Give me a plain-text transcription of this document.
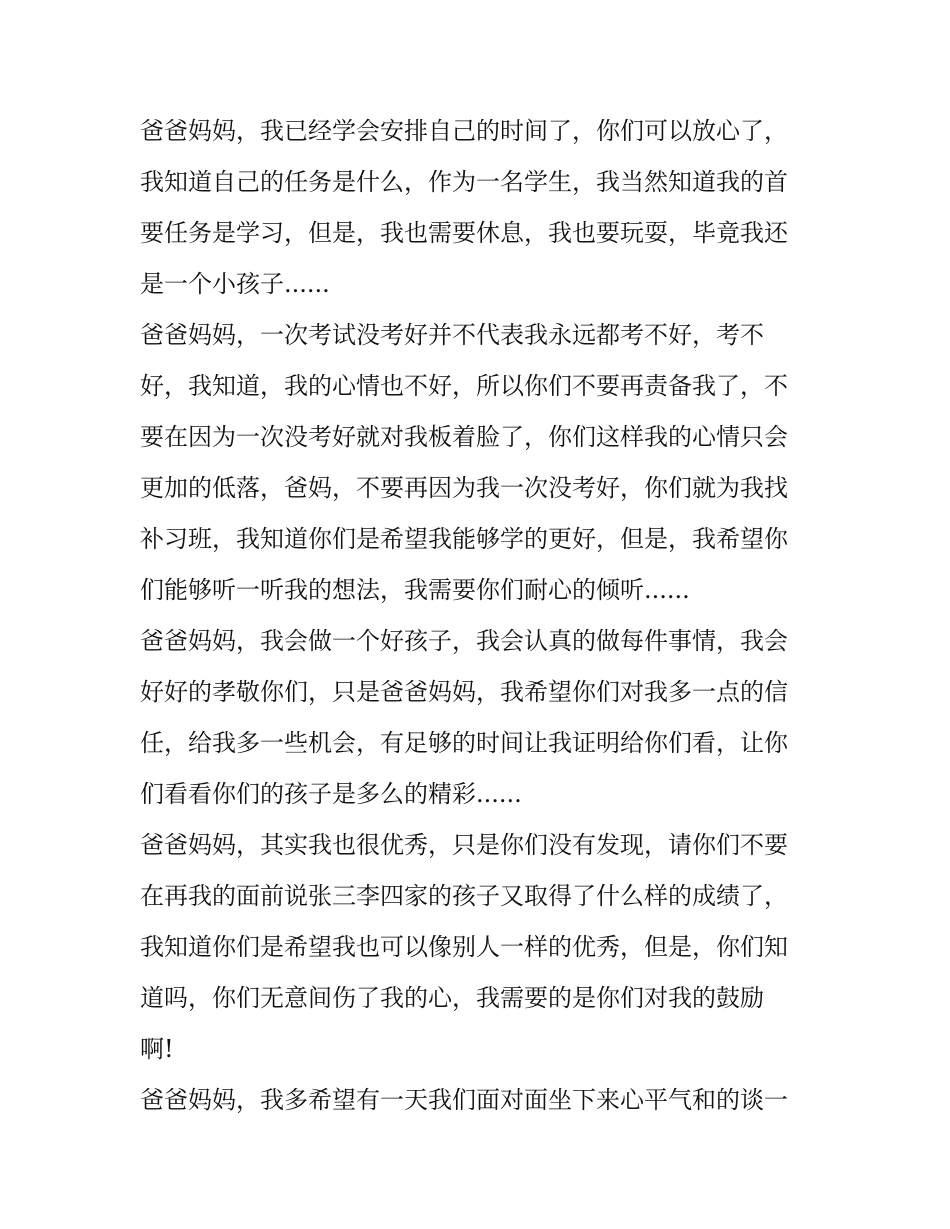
爸爸妈妈，我已经学会安排自己的时间了，你们可以放心了，
我知道自己的任务是什么，作为一名学生，我当然知道我的首
要任务是学习，但是，我也需要休息，我也要玩耍，毕竟我还
是一个小孩子......
爸爸妈妈，一次考试没考好并不代表我永远都考不好，考不
好，我知道，我的心情也不好，所以你们不要再责备我了，不
要在因为一次没考好就对我板着脸了，你们这样我的心情只会
更加的低落，爸妈，不要再因为我一次没考好，你们就为我找
补习班，我知道你们是希望我能够学的更好，但是，我希望你
们能够听一听我的想法，我需要你们耐心的倾听......
爸爸妈妈，我会做一个好孩子，我会认真的做每件事情，我会
好好的孝敬你们，只是爸爸妈妈，我希望你们对我多一点的信
任，给我多一些机会，有足够的时间让我证明给你们看，让你
们看看你们的孩子是多么的精彩......
爸爸妈妈，其实我也很优秀，只是你们没有发现，请你们不要
在再我的面前说张三李四家的孩子又取得了什么样的成绩了，
我知道你们是希望我也可以像别人一样的优秀，但是，你们知
道吗，你们无意间伤了我的心，我需要的是你们对我的鼓励
啊!
爸爸妈妈，我多希望有一天我们面对面坐下来心平气和的谈一
